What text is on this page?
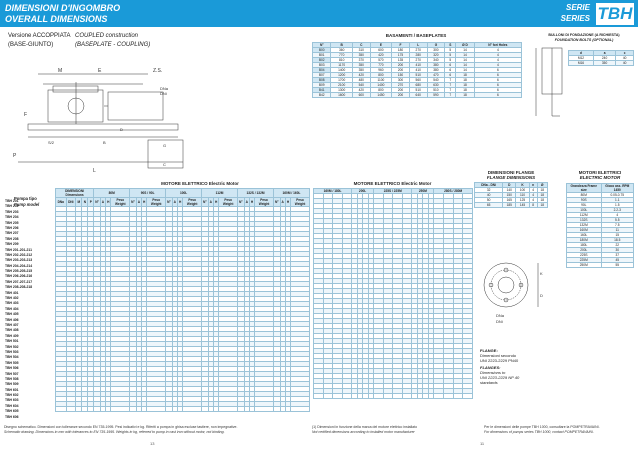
DIMENSIONI D'INGOMBRO
OVERALL DIMENSIONS
SERIE
SERIES TBH
Versione ACCOPPIATA
(BASE-GIUNTO)
COUPLED construction
(BASEPLATE - COUPLING)
M	E	Z.S.
DNa
DNi
F
D
S/2	B
P
L
G
C
BASAMENTI / BASEPLATES
N°	B	C	E	F	L	G	S	Ø D	N° fori Holes
B00	360	310	600	180	270	300	5	14	4
B01	770	350	420	175	280	320	5	14	4
B02	810	370	570	135	270	340	5	14	4
B03	1170	350	770	200	410	380	6	14	4
B04	1400	350	960	200	410	380	6	14	6
B07	1200	420	800	150	510	470	6	18	6
B08	1700	480	1100	300	560	540	7	18	6
B09	2100	540	1400	270	680	630	7	18	6
B41	1300	420	800	200	510	510	7	18	6
B42	1600	600	1450	200	640	590	7	18	6
BULLONI DI FONDAZIONE (A RICHIESTA)
FOUNDATION BOLTS (OPTIONAL)
d	a	c
M12	240	40
M16	350	40
MOTORE ELETTRICO Electric Motor
Pompa tipo
Pump model
DIMENSIONI Dimensions					80M				90S / 90L				100L				112M				132S / 132M				160M / 160L			
DNa	DNi	M	N	P	N°	A	H	Peso Weight	N°	A	H	Peso Weight	N°	A	H	Peso Weight	N°	A	H	Peso Weight	N°	A	H	Peso Weight	N°	A	H	Peso Weight

TBH 201
TBH 202
TBH 203
TBH 204
TBH 205
TBH 206
TBH 207
TBH 208
TBH 209
TBH 201-201-211
TBH 202-202-212
TBH 203-203-213
TBH 204-204-214
TBH 205-205-215
TBH 206-206-216
TBH 207-207-217
TBH 208-208-218
TBH 401
TBH 402
TBH 403
TBH 404
TBH 405
TBH 406
TBH 407
TBH 408
TBH 409
TBH 501
TBH 502
TBH 503
TBH 504
TBH 505
TBH 506
TBH 507
TBH 508
TBH 509
TBH 601
TBH 602
TBH 603
TBH 604
TBH 605
TBH 606
MOTORE ELETTRICO Electric Motor
160M / 180L				200L				225S / 225M				250M				280S / 280M			

DIMENSIONI FLANGE
FLANGE DIMENSIONS
DNa - DNi	D	K	n	Ø
32	140	100	4	18
40	150	110	4	18
50	165	125	4	18
65	185	145	8	18
K
D
DNa
DNi
FLANGE:
Dimensioni secondo
UNI 2223-2229 PN40
FLANGES:
Dimensions to
UNI 2223-2229 NP 40
standards
MOTORI ELETTRICI
ELECTRIC MOTOR
Grandezza Frame size	Gioco ass. RPM 1450
80M	0.05-0.75
90S	1.1
90L	1.5
100L	2.2-3
112M	4
132S	5.5
132M	7.5
160M	11
160L	15
180M	18.5
180L	22
200L	30
225S	37
225M	45
250M	55
Disegno schematico. Dimensioni con tolleranze secondo EN 735-1995. Pesi indicativi e kg. Riferiti a pompa in ghisa escluse tastiere, non impegnative.
Schematic drawing. Dimensions in mm with tolerances to EN 735-1995. Weights in kg, referred to pump in cast iron without motor, not binding.
(1) Dimensioni in funzione della marca del motore elettrico installato
Not certified dimensions according to installed motor manufacturer
Per le dimensioni delle pompe TBH 1000, consultare la POMPETRAVAINI.
For dimensions of pumps series TBH 1000, contact POMPETRAVAINI.
13	11
